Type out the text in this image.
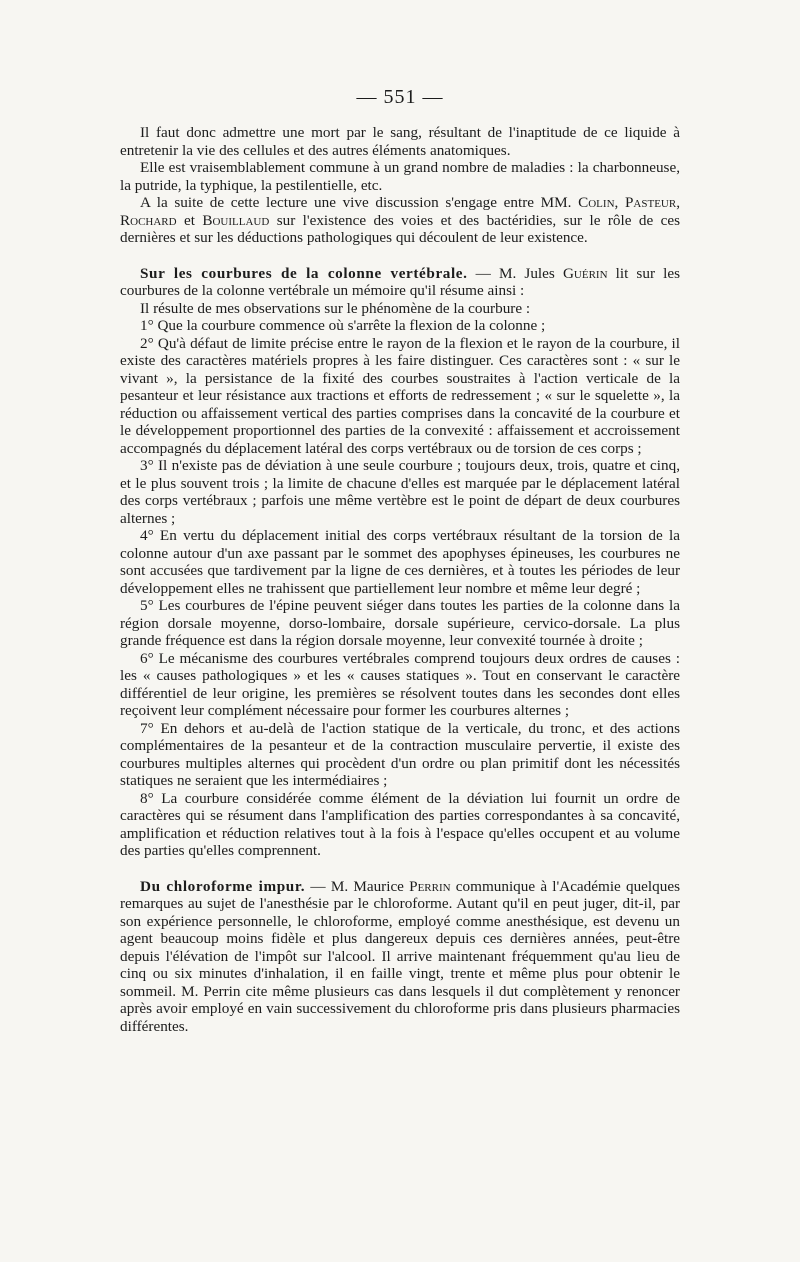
— 551 —

Il faut donc admettre une mort par le sang, résultant de l'inaptitude de ce liquide à entretenir la vie des cellules et des autres éléments anatomiques.

Elle est vraisemblablement commune à un grand nombre de maladies : la charbonneuse, la putride, la typhique, la pestilentielle, etc.

A la suite de cette lecture une vive discussion s'engage entre MM. Colin, Pasteur, Rochard et Bouillaud sur l'existence des voies et des bactéridies, sur le rôle de ces dernières et sur les déductions pathologiques qui découlent de leur existence.

Sur les courbures de la colonne vertébrale. — M. Jules Guérin lit sur les courbures de la colonne vertébrale un mémoire qu'il résume ainsi :

Il résulte de mes observations sur le phénomène de la courbure :

1° Que la courbure commence où s'arrête la flexion de la colonne ;

2° Qu'à défaut de limite précise entre le rayon de la flexion et le rayon de la courbure, il existe des caractères matériels propres à les faire distinguer. Ces caractères sont : « sur le vivant », la persistance de la fixité des courbes soustraites à l'action verticale de la pesanteur et leur résistance aux tractions et efforts de redressement ; « sur le squelette », la réduction ou affaissement vertical des parties comprises dans la concavité de la courbure et le développement proportionnel des parties de la convexité : affaissement et accroissement accompagnés du déplacement latéral des corps vertébraux ou de torsion de ces corps ;

3° Il n'existe pas de déviation à une seule courbure ; toujours deux, trois, quatre et cinq, et le plus souvent trois ; la limite de chacune d'elles est marquée par le déplacement latéral des corps vertébraux ; parfois une même vertèbre est le point de départ de deux courbures alternes ;

4° En vertu du déplacement initial des corps vertébraux résultant de la torsion de la colonne autour d'un axe passant par le sommet des apophyses épineuses, les courbures ne sont accusées que tardivement par la ligne de ces dernières, et à toutes les périodes de leur développement elles ne trahissent que partiellement leur nombre et même leur degré ;

5° Les courbures de l'épine peuvent siéger dans toutes les parties de la colonne dans la région dorsale moyenne, dorso-lombaire, dorsale supérieure, cervico-dorsale. La plus grande fréquence est dans la région dorsale moyenne, leur convexité tournée à droite ;

6° Le mécanisme des courbures vertébrales comprend toujours deux ordres de causes : les « causes pathologiques » et les « causes statiques ». Tout en conservant le caractère différentiel de leur origine, les premières se résolvent toutes dans les secondes dont elles reçoivent leur complément nécessaire pour former les courbures alternes ;

7° En dehors et au-delà de l'action statique de la verticale, du tronc, et des actions complémentaires de la pesanteur et de la contraction musculaire pervertie, il existe des courbures multiples alternes qui procèdent d'un ordre ou plan primitif dont les nécessités statiques ne seraient que les intermédiaires ;

8° La courbure considérée comme élément de la déviation lui fournit un ordre de caractères qui se résument dans l'amplification des parties correspondantes à sa concavité, amplification et réduction relatives tout à la fois à l'espace qu'elles occupent et au volume des parties qu'elles comprennent.

Du chloroforme impur. — M. Maurice Perrin communique à l'Académie quelques remarques au sujet de l'anesthésie par le chloroforme. Autant qu'il en peut juger, dit-il, par son expérience personnelle, le chloroforme, employé comme anesthésique, est devenu un agent beaucoup moins fidèle et plus dangereux depuis ces dernières années, peut-être depuis l'élévation de l'impôt sur l'alcool. Il arrive maintenant fréquemment qu'au lieu de cinq ou six minutes d'inhalation, il en faille vingt, trente et même plus pour obtenir le sommeil. M. Perrin cite même plusieurs cas dans lesquels il dut complètement y renoncer après avoir employé en vain successivement du chloroforme pris dans plusieurs pharmacies différentes.
